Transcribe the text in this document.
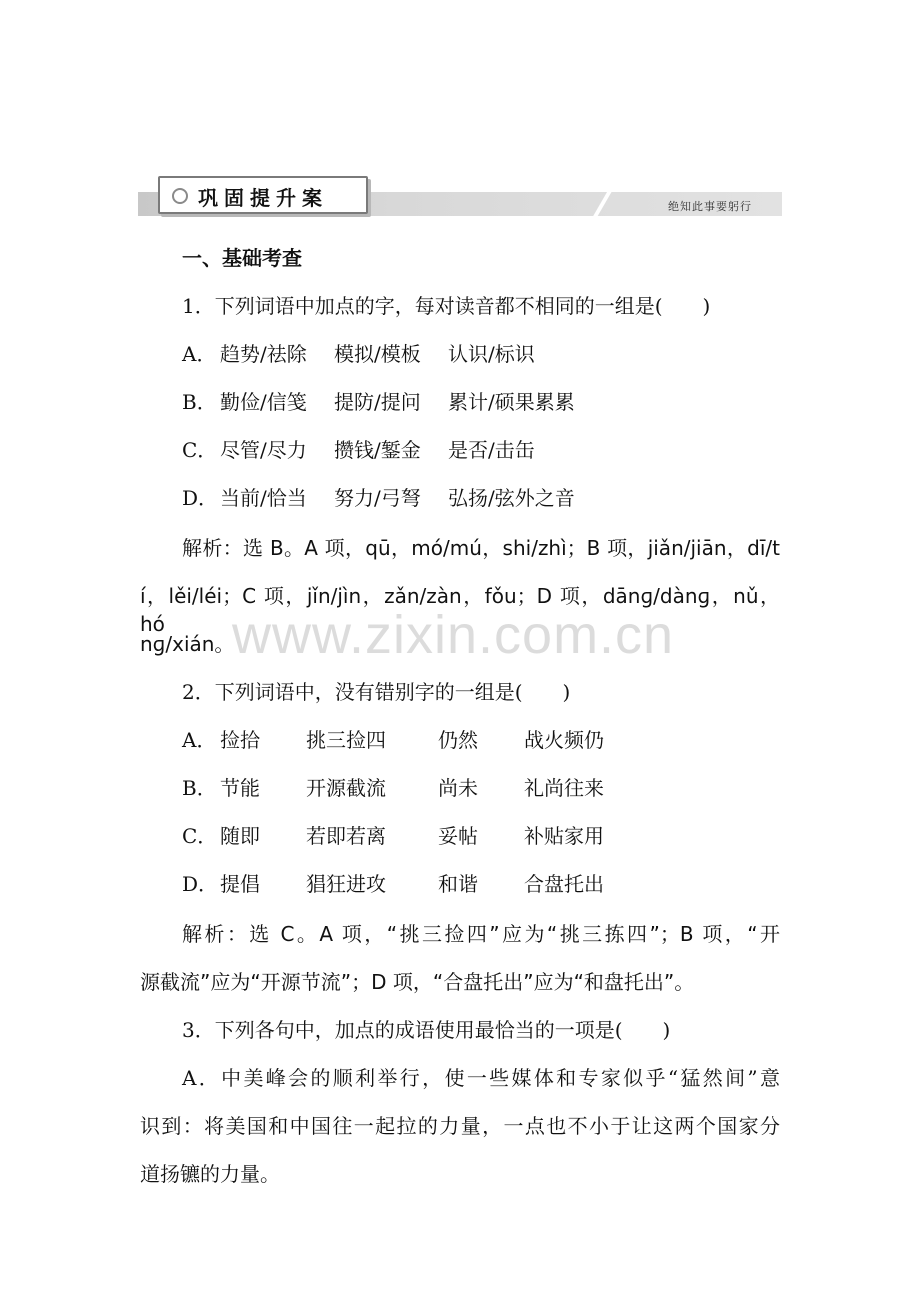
巩固提升案	绝知此事要躬行
www.zixin.com.cn
一、基础考查
1．下列词语中加点的字，每对读音都不相同的一组是(　　)
A． 趋势/祛除 模拟/模板 认识/标识
B． 勤俭/信笺 提防/提问 累计/硕果累累
C． 尽管/尽力 攒钱/錾金 是否/击缶
D．当前/恰当 努力/弓弩 弘扬/弦外之音
解析：选 B。A 项，qū，mó/mú，shi/zhì；B 项，jiǎn/jiān，dī/t
í，lěi/léi；C 项，jǐn/jìn，zǎn/zàn，fǒu；D 项，dānɡ/dànɡ，nǔ，hó
nɡ/xián。
2．下列词语中，没有错别字的一组是(　　)
A． 捡拾 挑三捡四	仍然 战火频仍
B． 节能 开源截流	尚未 礼尚往来
C． 随即 若即若离	妥帖 补贴家用
D．提倡 猖狂进攻	和谐 合盘托出
解析：选 C。A 项，“挑三捡四”应为“挑三拣四”；B 项，“开
源截流”应为“开源节流”；D 项，“合盘托出”应为“和盘托出”。
3．下列各句中，加点的成语使用最恰当的一项是(　　)
A．中美峰会的顺利举行，使一些媒体和专家似乎“猛然间”意
识到：将美国和中国往一起拉的力量，一点也不小于让这两个国家分
道扬镳的力量。
